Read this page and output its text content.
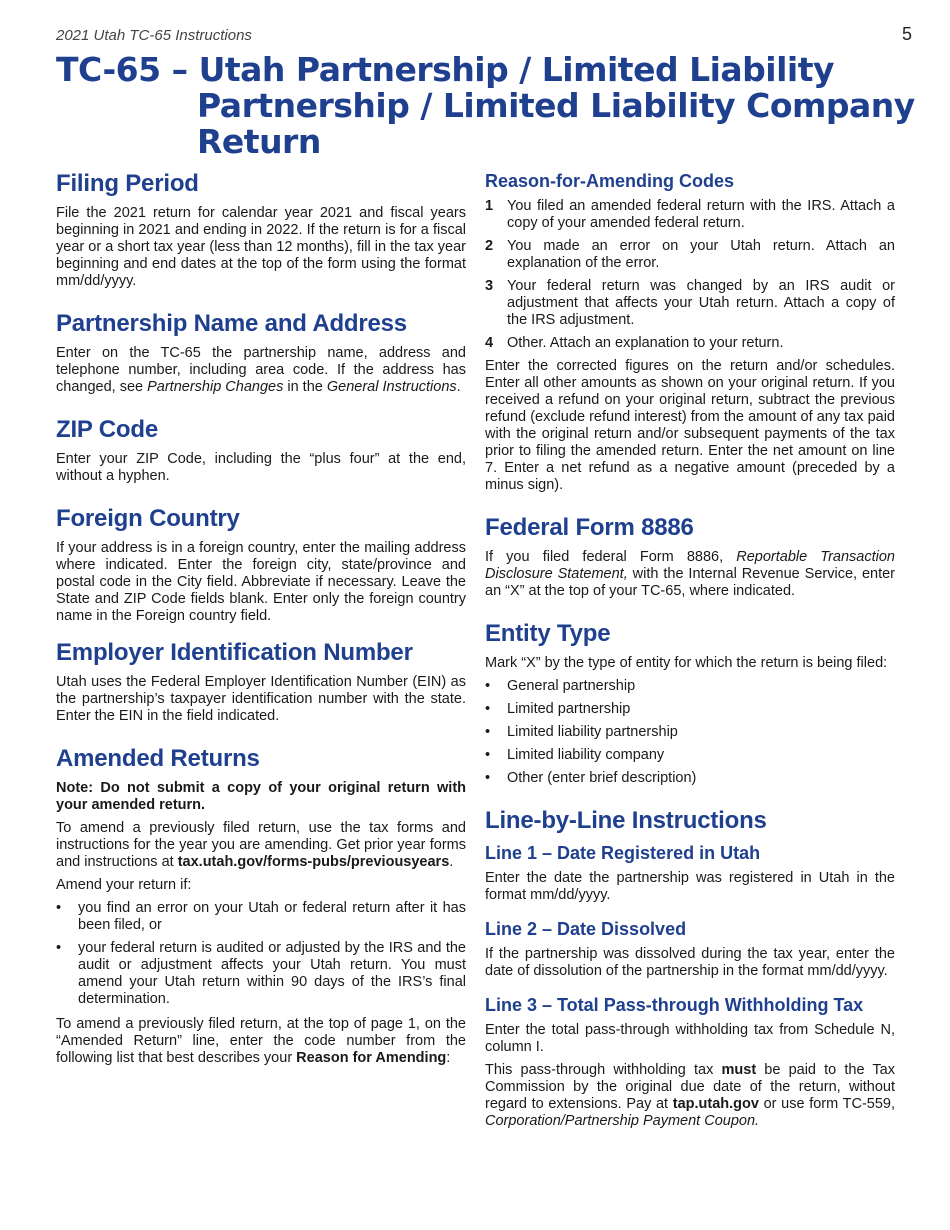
2021 Utah TC-65 Instructions	5
TC-65 – Utah Partnership / Limited Liability
Partnership / Limited Liability Company
Return
Filing Period

File the 2021 return for calendar year 2021 and fiscal years beginning in 2021 and ending in 2022. If the return is for a fiscal year or a short tax year (less than 12 months), fill in the tax year beginning and end dates at the top of the form using the format mm/dd/yyyy.

Partnership Name and Address

Enter on the TC-65 the partnership name, address and telephone number, including area code. If the address has changed, see Partnership Changes in the General Instructions.

ZIP Code

Enter your ZIP Code, including the “plus four” at the end, without a hyphen.

Foreign Country

If your address is in a foreign country, enter the mailing address where indicated. Enter the foreign city, state/province and postal code in the City field. Abbreviate if necessary. Leave the State and ZIP Code fields blank. Enter only the foreign country name in the Foreign country field.

Employer Identification Number

Utah uses the Federal Employer Identification Number (EIN) as the partnership’s taxpayer identification number with the state. Enter the EIN in the field indicated.

Amended Returns

Note: Do not submit a copy of your original return with your amended return.

To amend a previously filed return, use the tax forms and instructions for the year you are amending. Get prior year forms and instructions at tax.utah.gov/forms-pubs/previousyears.

Amend your return if:

• you find an error on your Utah or federal return after it has been filed, or
• your federal return is audited or adjusted by the IRS and the audit or adjustment affects your Utah return. You must amend your Utah return within 90 days of the IRS’s final determination.

To amend a previously filed return, at the top of page 1, on the “Amended Return” line, enter the code number from the following list that best describes your Reason for Amending:

Reason-for-Amending Codes
1 You filed an amended federal return with the IRS. Attach a copy of your amended federal return.
2 You made an error on your Utah return. Attach an explanation of the error.
3 Your federal return was changed by an IRS audit or adjustment that affects your Utah return. Attach a copy of the IRS adjustment.
4 Other. Attach an explanation to your return.

Enter the corrected figures on the return and/or schedules. Enter all other amounts as shown on your original return. If you received a refund on your original return, subtract the previous refund (exclude refund interest) from the amount of any tax paid with the original return and/or subsequent payments of the tax prior to filing the amended return. Enter the net amount on line 7. Enter a net refund as a negative amount (preceded by a minus sign).

Federal Form 8886

If you filed federal Form 8886, Reportable Transaction Disclosure Statement, with the Internal Revenue Service, enter an “X” at the top of your TC-65, where indicated.

Entity Type

Mark “X” by the type of entity for which the return is being filed:

• General partnership
• Limited partnership
• Limited liability partnership
• Limited liability company
• Other (enter brief description)
Line-by-Line Instructions
Line 1 – Date Registered in Utah

Enter the date the partnership was registered in Utah in the format mm/dd/yyyy.

Line 2 – Date Dissolved

If the partnership was dissolved during the tax year, enter the date of dissolution of the partnership in the format mm/dd/yyyy.

Line 3 – Total Pass-through Withholding Tax

Enter the total pass-through withholding tax from Schedule N, column I.

This pass-through withholding tax must be paid to the Tax Commission by the original due date of the return, without regard to extensions. Pay at tap.utah.gov or use form TC-559, Corporation/Partnership Payment Coupon.
